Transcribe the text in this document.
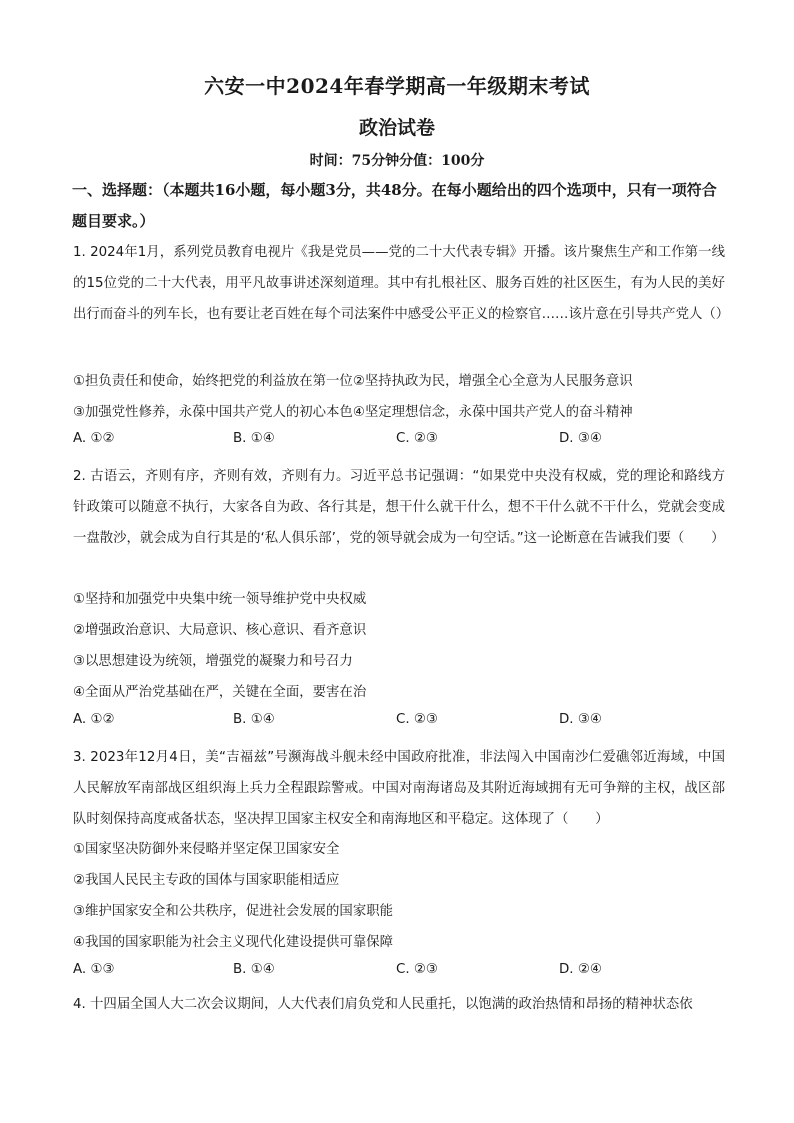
六安一中2024年春学期高一年级期末考试
政治试卷
时间：75分钟分值：100分
一、选择题：（本题共16小题，每小题3分，共48分。在每小题给出的四个选项中，只有一项符合题目要求。）
1. 2024年1月，系列党员教育电视片《我是党员——党的二十大代表专辑》开播。该片聚焦生产和工作第一线的15位党的二十大代表，用平凡故事讲述深刻道理。其中有扎根社区、服务百姓的社区医生，有为人民的美好出行而奋斗的列车长，也有要让老百姓在每个司法案件中感受公平正义的检察官……该片意在引导共产党人（）
①担负责任和使命，始终把党的利益放在第一位②坚持执政为民，增强全心全意为人民服务意识
③加强党性修养，永葆中国共产党人的初心本色④坚定理想信念，永葆中国共产党人的奋斗精神
A. ①②	B. ①④	C. ②③	D. ③④
2. 古语云，齐则有序，齐则有效，齐则有力。习近平总书记强调：“如果党中央没有权威，党的理论和路线方针政策可以随意不执行，大家各自为政、各行其是，想干什么就干什么，想不干什么就不干什么，党就会变成一盘散沙，就会成为自行其是的‘私人俱乐部’，党的领导就会成为一句空话。”这一论断意在告诫我们要（　　）
①坚持和加强党中央集中统一领导维护党中央权威
②增强政治意识、大局意识、核心意识、看齐意识
③以思想建设为统领，增强党的凝聚力和号召力
④全面从严治党基础在严，关键在全面，要害在治
A. ①②	B. ①④	C. ②③	D. ③④
3. 2023年12月4日，美“吉福兹”号濒海战斗舰未经中国政府批准，非法闯入中国南沙仁爱礁邻近海域，中国人民解放军南部战区组织海上兵力全程跟踪警戒。中国对南海诸岛及其附近海域拥有无可争辩的主权，战区部队时刻保持高度戒备状态，坚决捍卫国家主权安全和南海地区和平稳定。这体现了（　　）
①国家坚决防御外来侵略并坚定保卫国家安全
②我国人民民主专政的国体与国家职能相适应
③维护国家安全和公共秩序，促进社会发展的国家职能
④我国的国家职能为社会主义现代化建设提供可靠保障
A. ①③	B. ①④	C. ②③	D. ②④
4. 十四届全国人大二次会议期间，人大代表们肩负党和人民重托，以饱满的政治热情和昂扬的精神状态依
